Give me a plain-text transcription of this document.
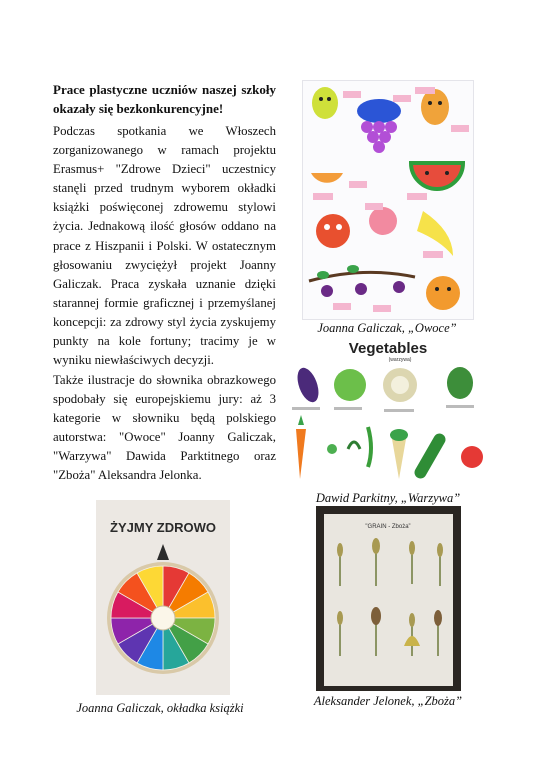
Prace plastyczne uczniów naszej szkoły okazały się bezkonkurencyjne!

Podczas spotkania we Włoszech zorganizowanego w ramach projektu Erasmus+ "Zdrowe Dzieci" uczestnicy stanęli przed trudnym wyborem okładki książki poświęconej zdrowemu stylowi życia. Jednakową ilość głosów oddano na prace z Hiszpanii i Polski. W ostatecznym głosowaniu zwyciężył projekt Joanny Galiczak. Praca zyskała uznanie dzięki starannej formie graficznej i przemyślanej koncepcji: za zdrowy styl życia zyskujemy punkty na kole fortuny; tracimy je w wyniku niewłaściwych decyzji.

Także ilustracje do słownika obrazkowego spodobały się europejskiemu jury: aż 3 kategorie w słowniku będą polskiego autorstwa: "Owoce" Joanny Galiczak, "Warzywa" Dawida Parktitnego oraz "Zboża" Aleksandra Jelonka.

Joanna Galiczak, „Owoce”
Vegetables
(warzywa)
Dawid Parkitny, „Warzywa”
ŻYJMY ZDROWO
Joanna Galiczak, okładka książki
"GRAIN - Zboża”
Aleksander Jelonek, „Zboża”
